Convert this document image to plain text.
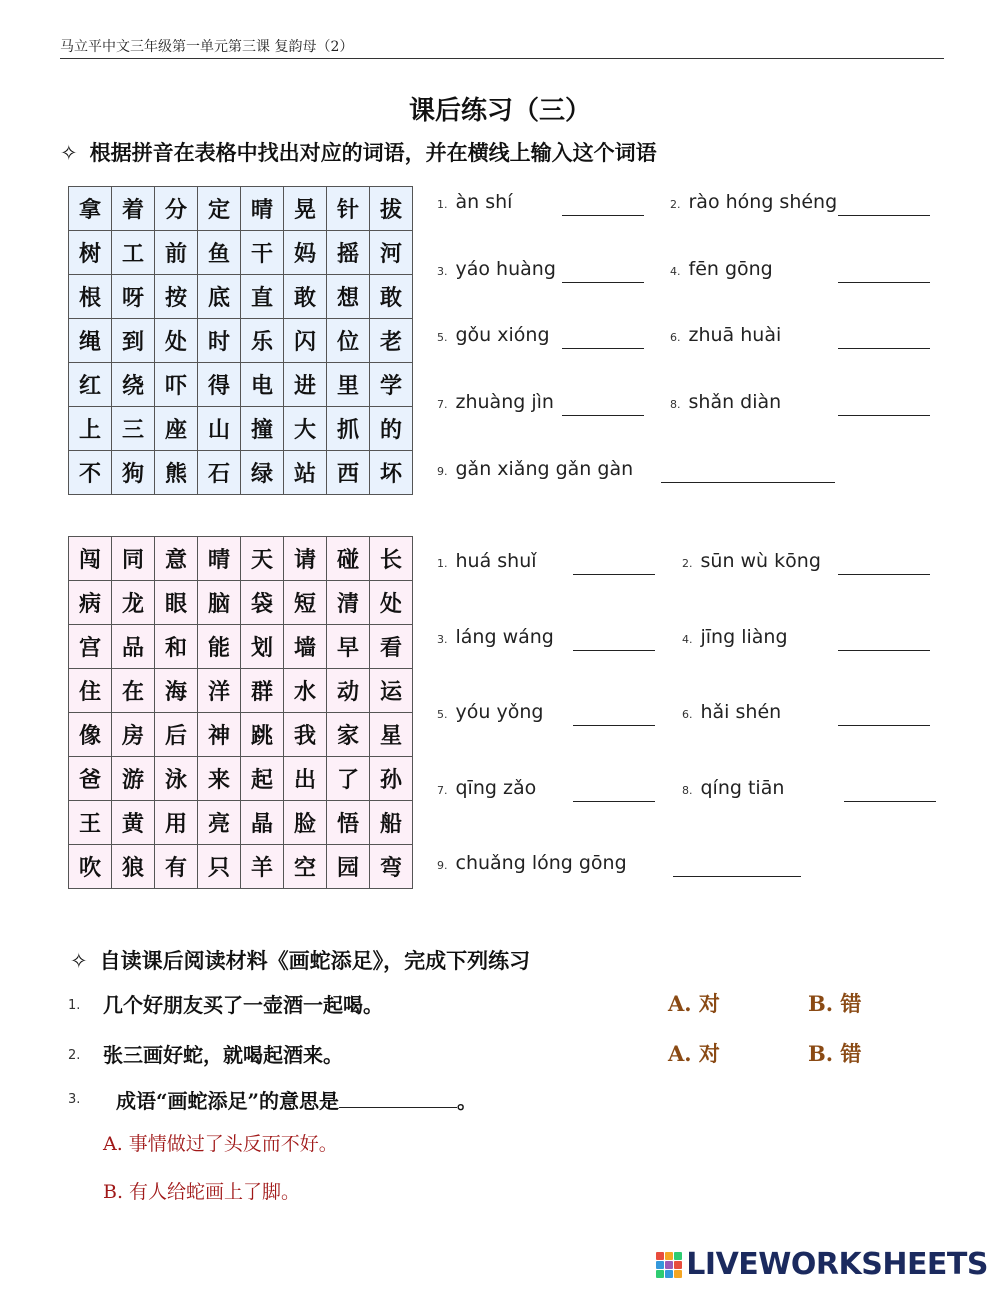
马立平中文三年级第一单元第三课 复韵母（2）
课后练习（三）
✧ 根据拼音在表格中找出对应的词语，并在横线上输入这个词语
拿	着	分	定	晴	晃	针	拔
树	工	前	鱼	干	妈	摇	河
根	呀	按	底	直	敢	想	敢
绳	到	处	时	乐	闪	位	老
红	绕	吓	得	电	进	里	学
上	三	座	山	撞	大	抓	的
不	狗	熊	石	绿	站	西	坏
1. àn shí	2. rào hóng shéng
3. yáo huàng	4. fēn gōng
5. gǒu xióng	6. zhuā huài
7. zhuàng jìn	8. shǎn diàn
9. gǎn xiǎng gǎn gàn
闯	同	意	晴	天	请	碰	长
病	龙	眼	脑	袋	短	清	处
宫	品	和	能	划	墙	早	看
住	在	海	洋	群	水	动	运
像	房	后	神	跳	我	家	星
爸	游	泳	来	起	出	了	孙
王	黄	用	亮	晶	脸	悟	船
吹	狼	有	只	羊	空	园	弯
1. huá shuǐ	2. sūn wù kōng
3. láng wáng	4. jīng liàng
5. yóu yǒng	6. hǎi shén
7. qīng zǎo	8. qíng tiān
9. chuǎng lóng gōng
✧ 自读课后阅读材料《画蛇添足》，完成下列练习
1. 几个好朋友买了一壶酒一起喝。	A. 对	B. 错
2. 张三画好蛇，就喝起酒来。	A. 对	B. 错
3. 成语“画蛇添足”的意思是	。
A. 事情做过了头反而不好。
B. 有人给蛇画上了脚。
LIVEWORKSHEETS
